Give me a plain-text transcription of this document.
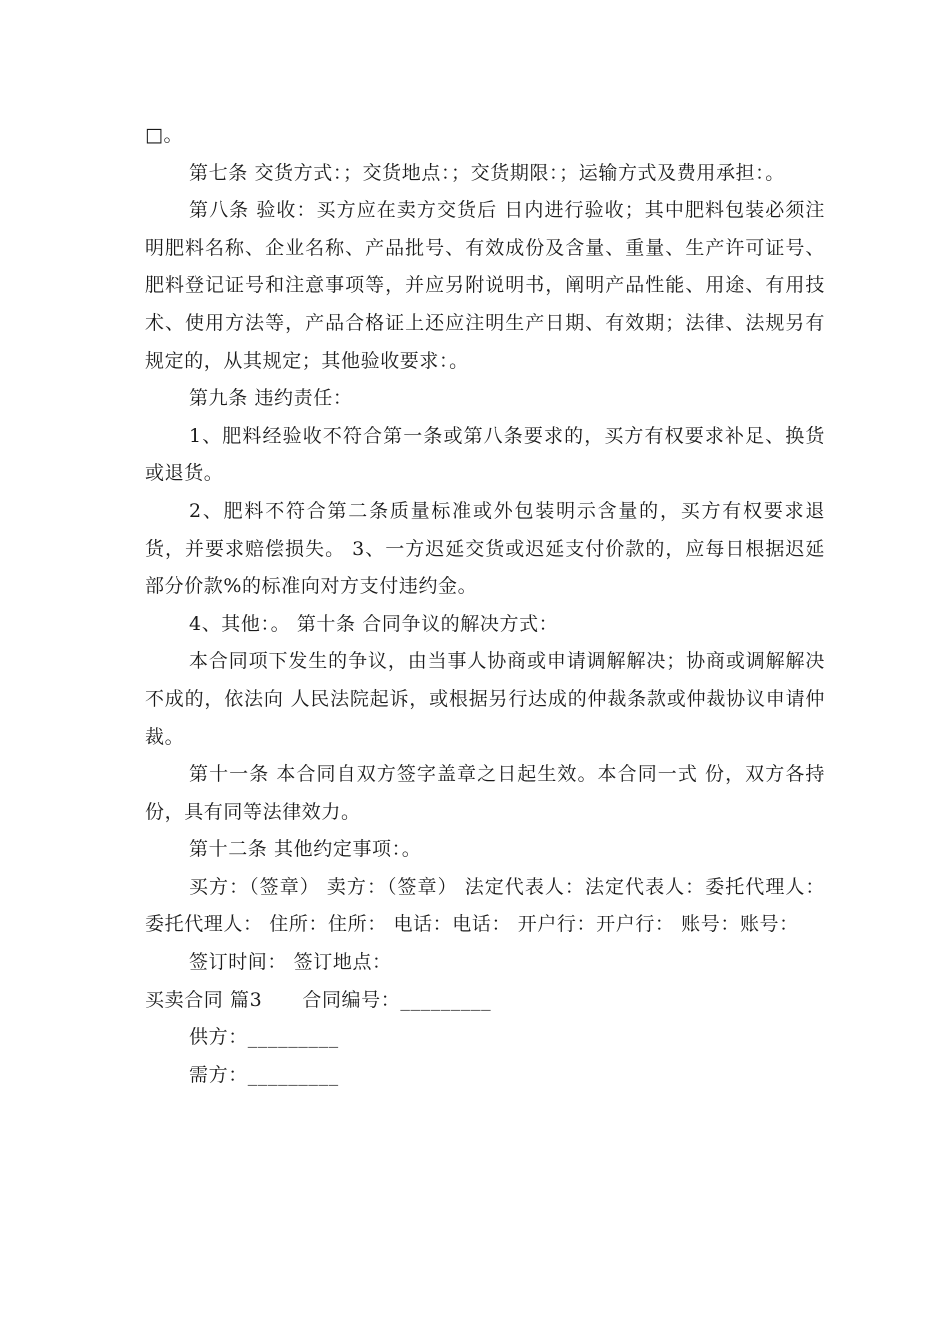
□。

第七条 交货方式：；交货地点：；交货期限：；运输方式及费用承担：。

第八条 验收：买方应在卖方交货后 日内进行验收；其中肥料包装必须注明肥料名称、企业名称、产品批号、有效成份及含量、重量、生产许可证号、肥料登记证号和注意事项等，并应另附说明书，阐明产品性能、用途、有用技术、使用方法等，产品合格证上还应注明生产日期、有效期；法律、法规另有规定的，从其规定；其他验收要求：。

第九条 违约责任：

1、肥料经验收不符合第一条或第八条要求的，买方有权要求补足、换货或退货。

2、肥料不符合第二条质量标准或外包装明示含量的，买方有权要求退货，并要求赔偿损失。 3、一方迟延交货或迟延支付价款的，应每日根据迟延部分价款%的标准向对方支付违约金。

4、其他：。 第十条 合同争议的解决方式：

本合同项下发生的争议，由当事人协商或申请调解解决；协商或调解解决不成的，依法向 人民法院起诉，或根据另行达成的仲裁条款或仲裁协议申请仲裁。

第十一条 本合同自双方签字盖章之日起生效。本合同一式 份，双方各持份，具有同等法律效力。

第十二条 其他约定事项：。

买方：（签章） 卖方：（签章） 法定代表人：法定代表人：委托代理人：委托代理人： 住所：住所： 电话：电话： 开户行：开户行： 账号：账号：

签订时间： 签订地点：

买卖合同 篇3 合同编号：_________

供方：_________

需方：_________
